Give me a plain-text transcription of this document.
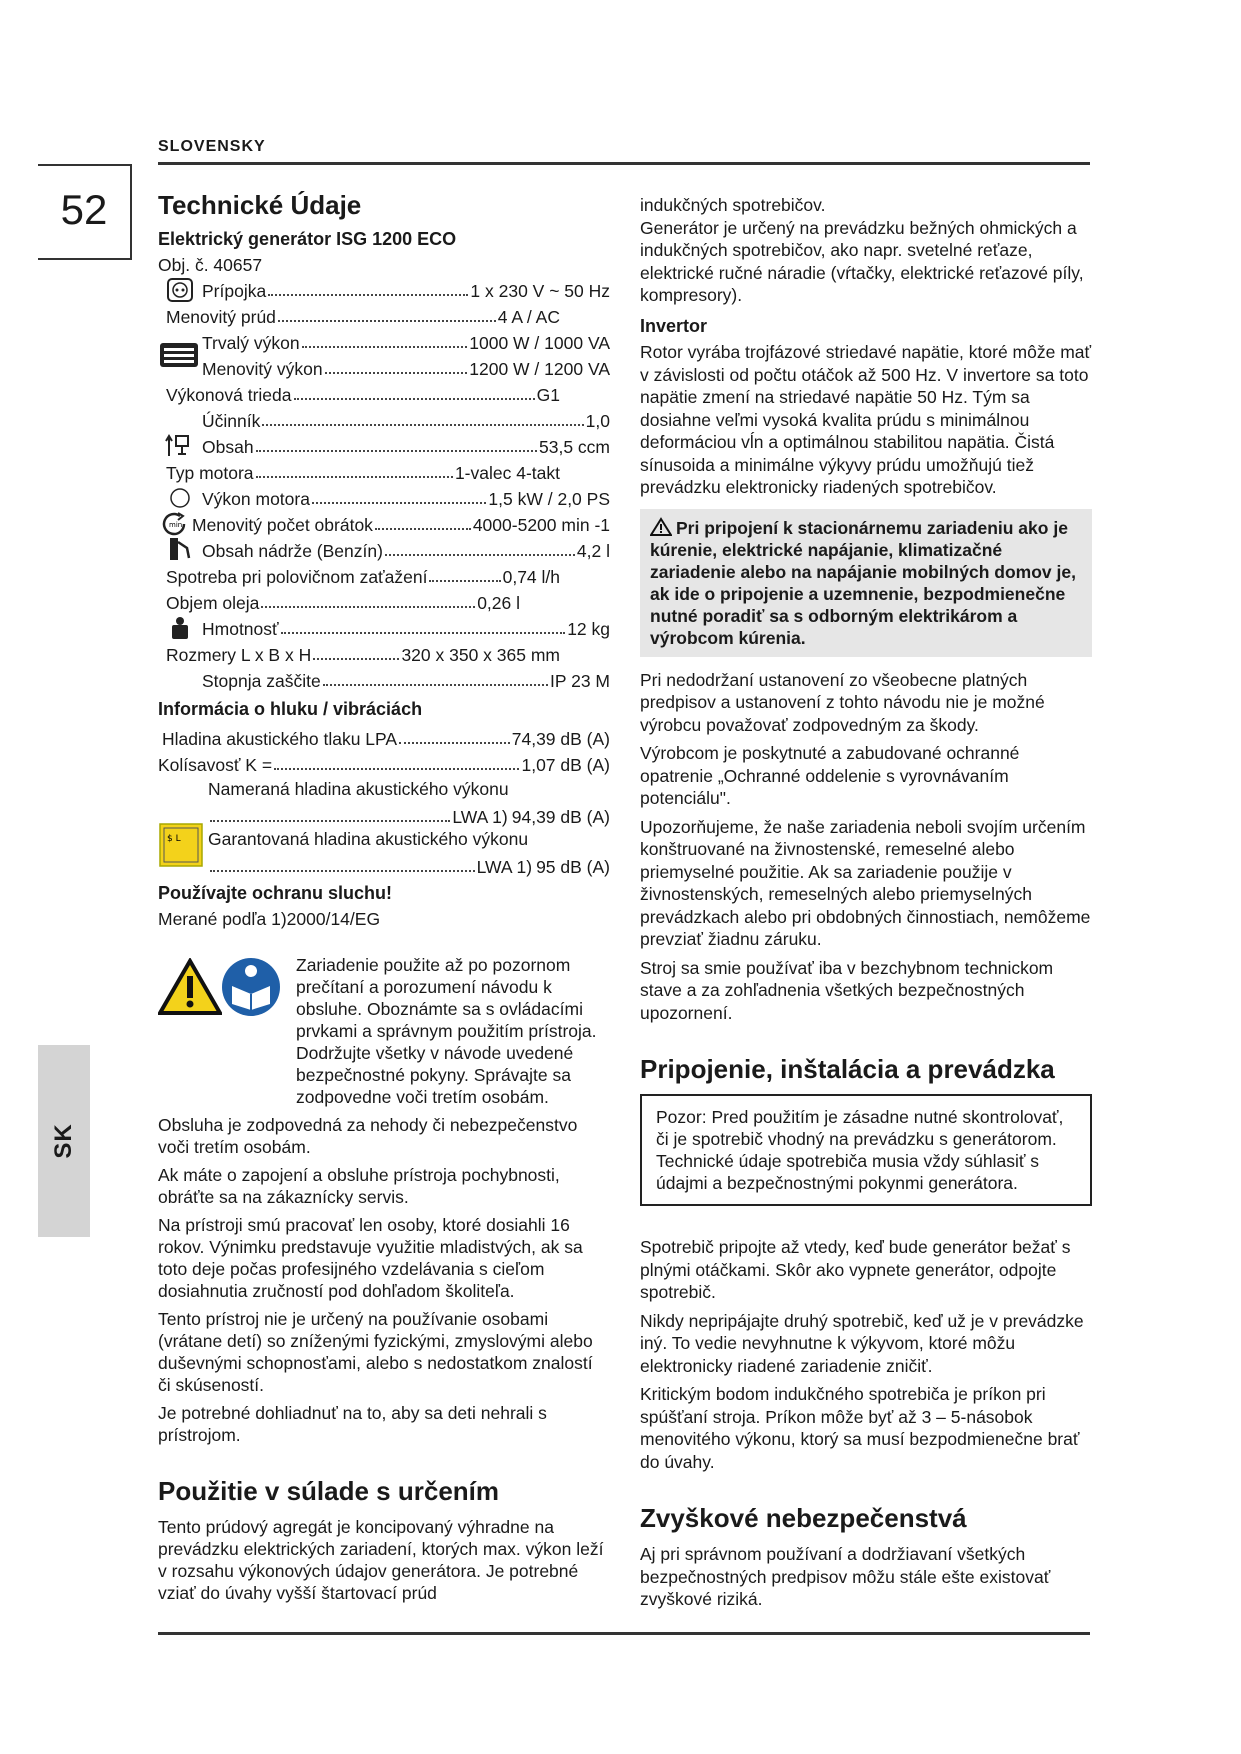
SLOVENSKY
52
SK
Technické Údaje
Elektrický generátor ISG 1200 ECO
Obj. č. 40657
Prípojka	1 x 230 V ~ 50 Hz
Menovitý prúd	4 A / AC
Trvalý výkon	1000 W / 1000 VA
Menovitý výkon	1200 W / 1200 VA
Výkonová trieda	G1
Účinník	1,0
Obsah	53,5 ccm
Typ motora	1-valec 4-takt
Výkon motora	1,5 kW / 2,0 PS
min Menovitý počet obrátok	4000-5200 min -1
Obsah nádrže (Benzín)	4,2 l
Spotreba pri polovičnom zaťažení	0,74 l/h
Objem oleja	0,26 l
Hmotnosť	12 kg
Rozmery L x B x H	320 x 350 x 365 mm
Stopnja zaščite	IP 23 M
Informácia o hluku / vibráciách
Hladina akustického tlaku LPA	74,39 dB (A)
Kolísavosť K =	1,07 dB (A)
$ L
Nameraná hladina akustického výkonu
LWA 1) 94,39 dB (A)
Garantovaná hladina akustického výkonu
LWA 1) 95 dB (A)
Používajte ochranu sluchu!
Merané podľa 1)2000/14/EG

Zariadenie použite až po pozornom prečítaní a porozumení návodu k obsluhe. Oboznámte sa s ovládacími prvkami a správnym použitím prístroja. Dodržujte všetky v návode uvedené bezpečnostné pokyny. Správajte sa zodpovedne voči tretím osobám.

Obsluha je zodpovedná za nehody či nebezpečenstvo voči tretím osobám.

Ak máte o zapojení a obsluhe prístroja pochybnosti, obráťte sa na zákaznícky servis.

Na prístroji smú pracovať len osoby, ktoré dosiahli 16 rokov. Výnimku predstavuje využitie mladistvých, ak sa toto deje počas profesijného vzdelávania s cieľom dosiahnutia zručností pod dohľadom školiteľa.

Tento prístroj nie je určený na používanie osobami (vrátane detí) so zníženými fyzickými, zmyslovými alebo duševnými schopnosťami, alebo s nedostatkom znalostí či skúseností.

Je potrebné dohliadnuť na to, aby sa deti nehrali s prístrojom.

Použitie v súlade s určením

Tento prúdový agregát je koncipovaný výhradne na prevádzku elektrických zariadení, ktorých max. výkon leží v rozsahu výkonových údajov generátora. Je potrebné vziať do úvahy vyšší štartovací prúd

indukčných spotrebičov.

Generátor je určený na prevádzku bežných ohmických a indukčných spotrebičov, ako napr. svetelné reťaze, elektrické ručné náradie (vŕtačky, elektrické reťazové píly, kompresory).

Invertor

Rotor vyrába trojfázové striedavé napätie, ktoré môže mať v závislosti od počtu otáčok až 500 Hz. V invertore sa toto napätie zmení na striedavé napätie 50 Hz. Tým sa dosiahne veľmi vysoká kvalita prúdu s minimálnou deformáciou vĺn a optimálnou stabilitou napätia. Čistá sínusoida a minimálne výkyvy prúdu umožňujú tiež prevádzku elektronicky riadených spotrebičov.

Pri pripojení k stacionárnemu zariadeniu ako je kúrenie, elektrické napájanie, klimatizačné zariadenie alebo na napájanie mobilných domov je, ak ide o pripojenie a uzemnenie, bezpodmienečne nutné poradiť sa s odborným elektrikárom a výrobcom kúrenia.

Pri nedodržaní ustanovení zo všeobecne platných predpisov a ustanovení z tohto návodu nie je možné výrobcu považovať zodpovedným za škody.

Výrobcom je poskytnuté a zabudované ochranné opatrenie „Ochranné oddelenie s vyrovnávaním potenciálu".

Upozorňujeme, že naše zariadenia neboli svojím určením konštruované na živnostenské, remeselné alebo priemyselné použitie. Ak sa zariadenie použije v živnostenských, remeselných alebo priemyselných prevádzkach alebo pri obdobných činnostiach, nemôžeme prevziať žiadnu záruku.

Stroj sa smie používať iba v bezchybnom technickom stave a za zohľadnenia všetkých bezpečnostných upozornení.

Pripojenie, inštalácia a prevádzka
Pozor: Pred použitím je zásadne nutné skontrolovať, či je spotrebič vhodný na prevádzku s generátorom. Technické údaje spotrebiča musia vždy súhlasiť s údajmi a bezpečnostnými pokynmi generátora.

Spotrebič pripojte až vtedy, keď bude generátor bežať s plnými otáčkami. Skôr ako vypnete generátor, odpojte spotrebič.

Nikdy nepripájajte druhý spotrebič, keď už je v prevádzke iný. To vedie nevyhnutne k výkyvom, ktoré môžu elektronicky riadené zariadenie zničiť.

Kritickým bodom indukčného spotrebiča je príkon pri spúšťaní stroja. Príkon môže byť až 3 – 5-násobok menovitého výkonu, ktorý sa musí bezpodmienečne brať do úvahy.

Zvyškové nebezpečenstvá

Aj pri správnom používaní a dodržiavaní všetkých bezpečnostných predpisov môžu stále ešte existovať zvyškové riziká.
